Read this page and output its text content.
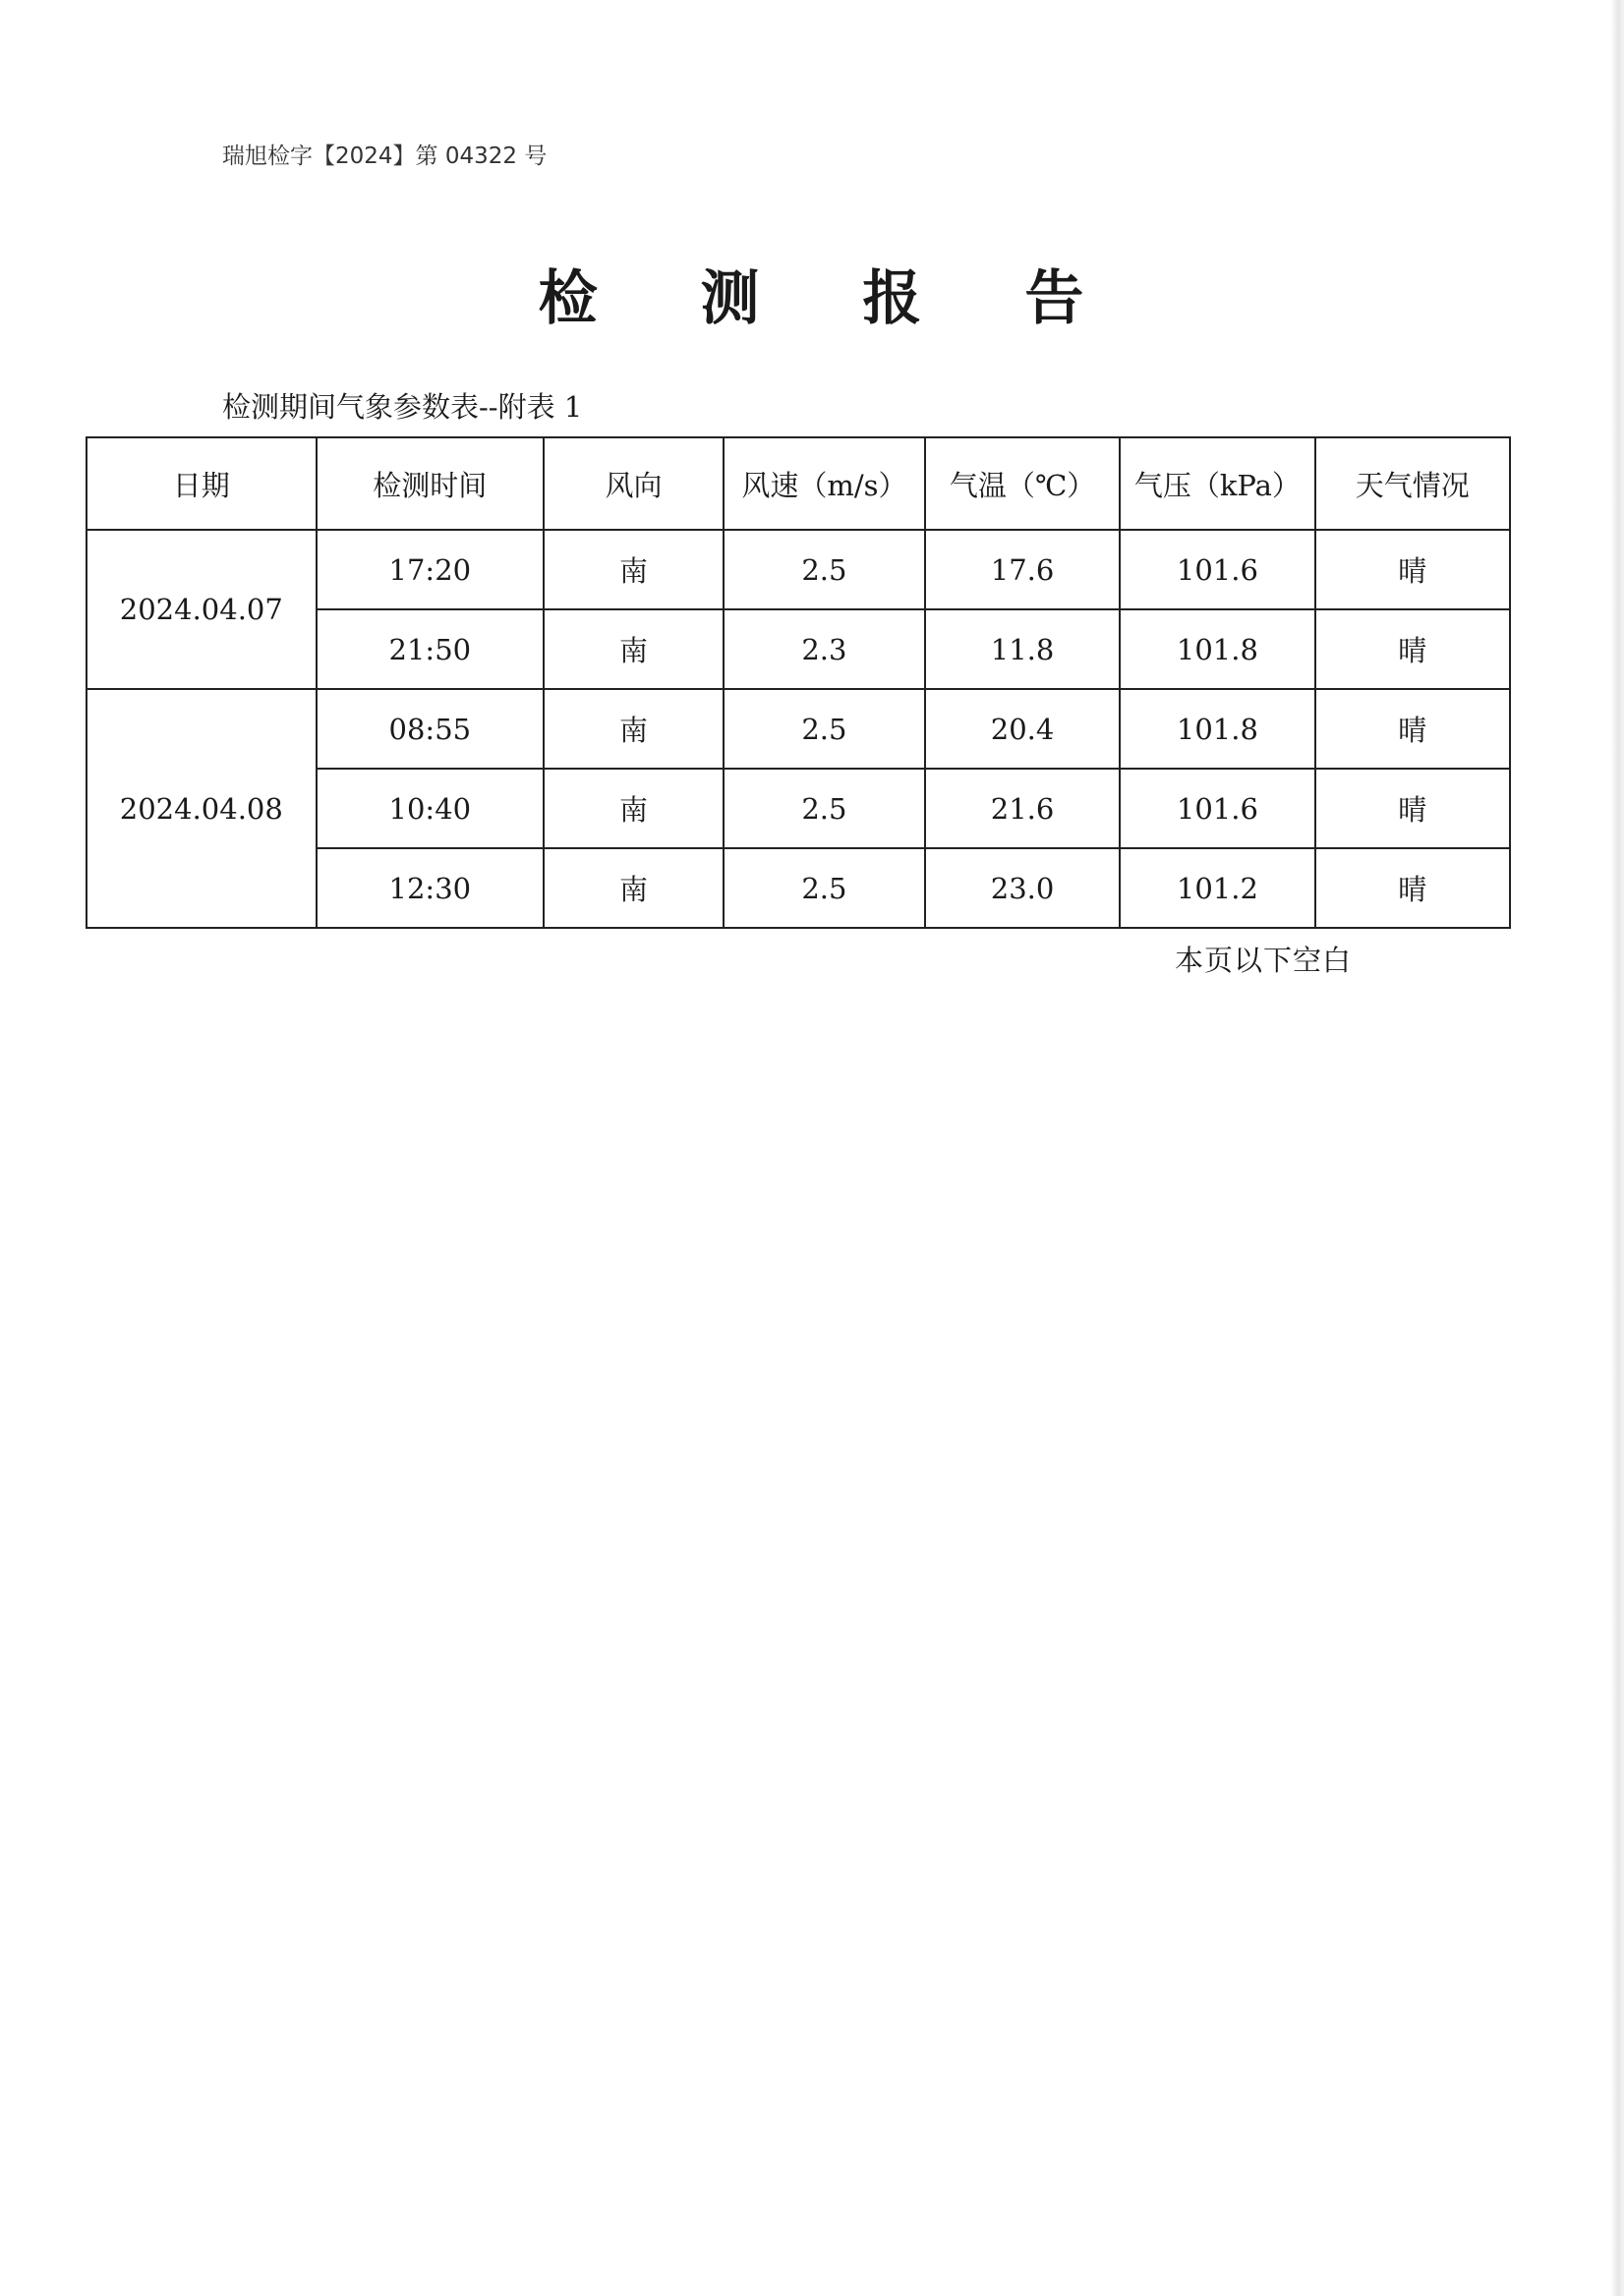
瑞旭检字【2024】第 04322 号
检 测 报 告
检测期间气象参数表--附表 1
日期	检测时间	风向	风速（m/s）	气温（℃）	气压（kPa）	天气情况
2024.04.07	17:20	南	2.5	17.6	101.6	晴
	21:50	南	2.3	11.8	101.8	晴
2024.04.08	08:55	南	2.5	20.4	101.8	晴
	10:40	南	2.5	21.6	101.6	晴
	12:30	南	2.5	23.0	101.2	晴
本页以下空白
